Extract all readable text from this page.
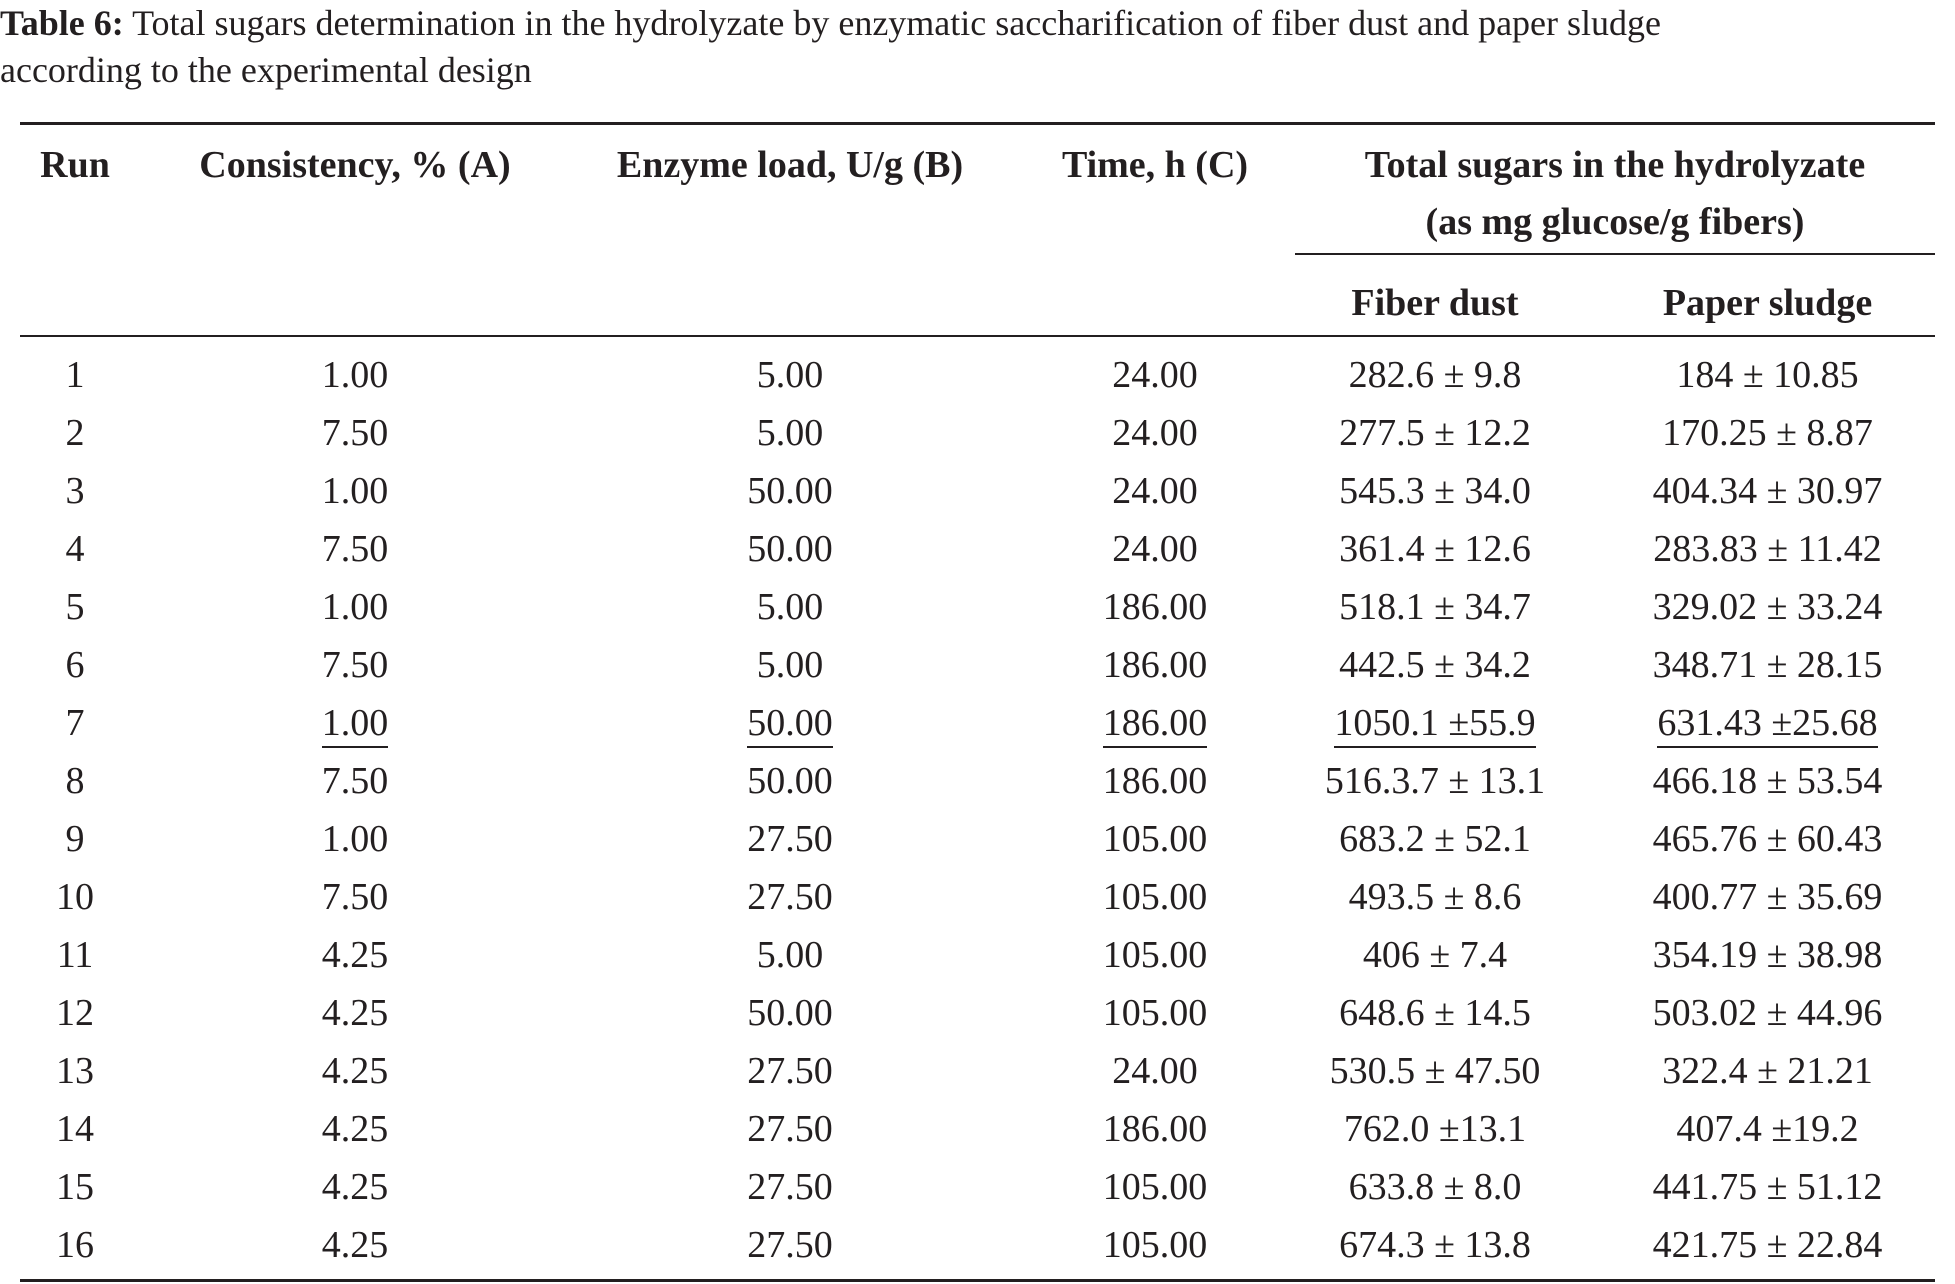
Table 6: Total sugars determination in the hydrolyzate by enzymatic saccharification of fiber dust and paper sludge
according to the experimental design
Run	Consistency, % (A)	Enzyme load, U/g (B)	Time, h (C)	Total sugars in the hydrolyzate
(as mg glucose/g fibers)
Fiber dust	Paper sludge
1	1.00	5.00	24.00	282.6 ± 9.8	184 ± 10.85
2	7.50	5.00	24.00	277.5 ± 12.2	170.25 ± 8.87
3	1.00	50.00	24.00	545.3 ± 34.0	404.34 ± 30.97
4	7.50	50.00	24.00	361.4 ± 12.6	283.83 ± 11.42
5	1.00	5.00	186.00	518.1 ± 34.7	329.02 ± 33.24
6	7.50	5.00	186.00	442.5 ± 34.2	348.71 ± 28.15
7	1.00	50.00	186.00	1050.1 ±55.9	631.43 ±25.68
8	7.50	50.00	186.00	516.3.7 ± 13.1	466.18 ± 53.54
9	1.00	27.50	105.00	683.2 ± 52.1	465.76 ± 60.43
10	7.50	27.50	105.00	493.5 ± 8.6	400.77 ± 35.69
11	4.25	5.00	105.00	406 ± 7.4	354.19 ± 38.98
12	4.25	50.00	105.00	648.6 ± 14.5	503.02 ± 44.96
13	4.25	27.50	24.00	530.5 ± 47.50	322.4 ± 21.21
14	4.25	27.50	186.00	762.0 ±13.1	407.4 ±19.2
15	4.25	27.50	105.00	633.8 ± 8.0	441.75 ± 51.12
16	4.25	27.50	105.00	674.3 ± 13.8	421.75 ± 22.84
